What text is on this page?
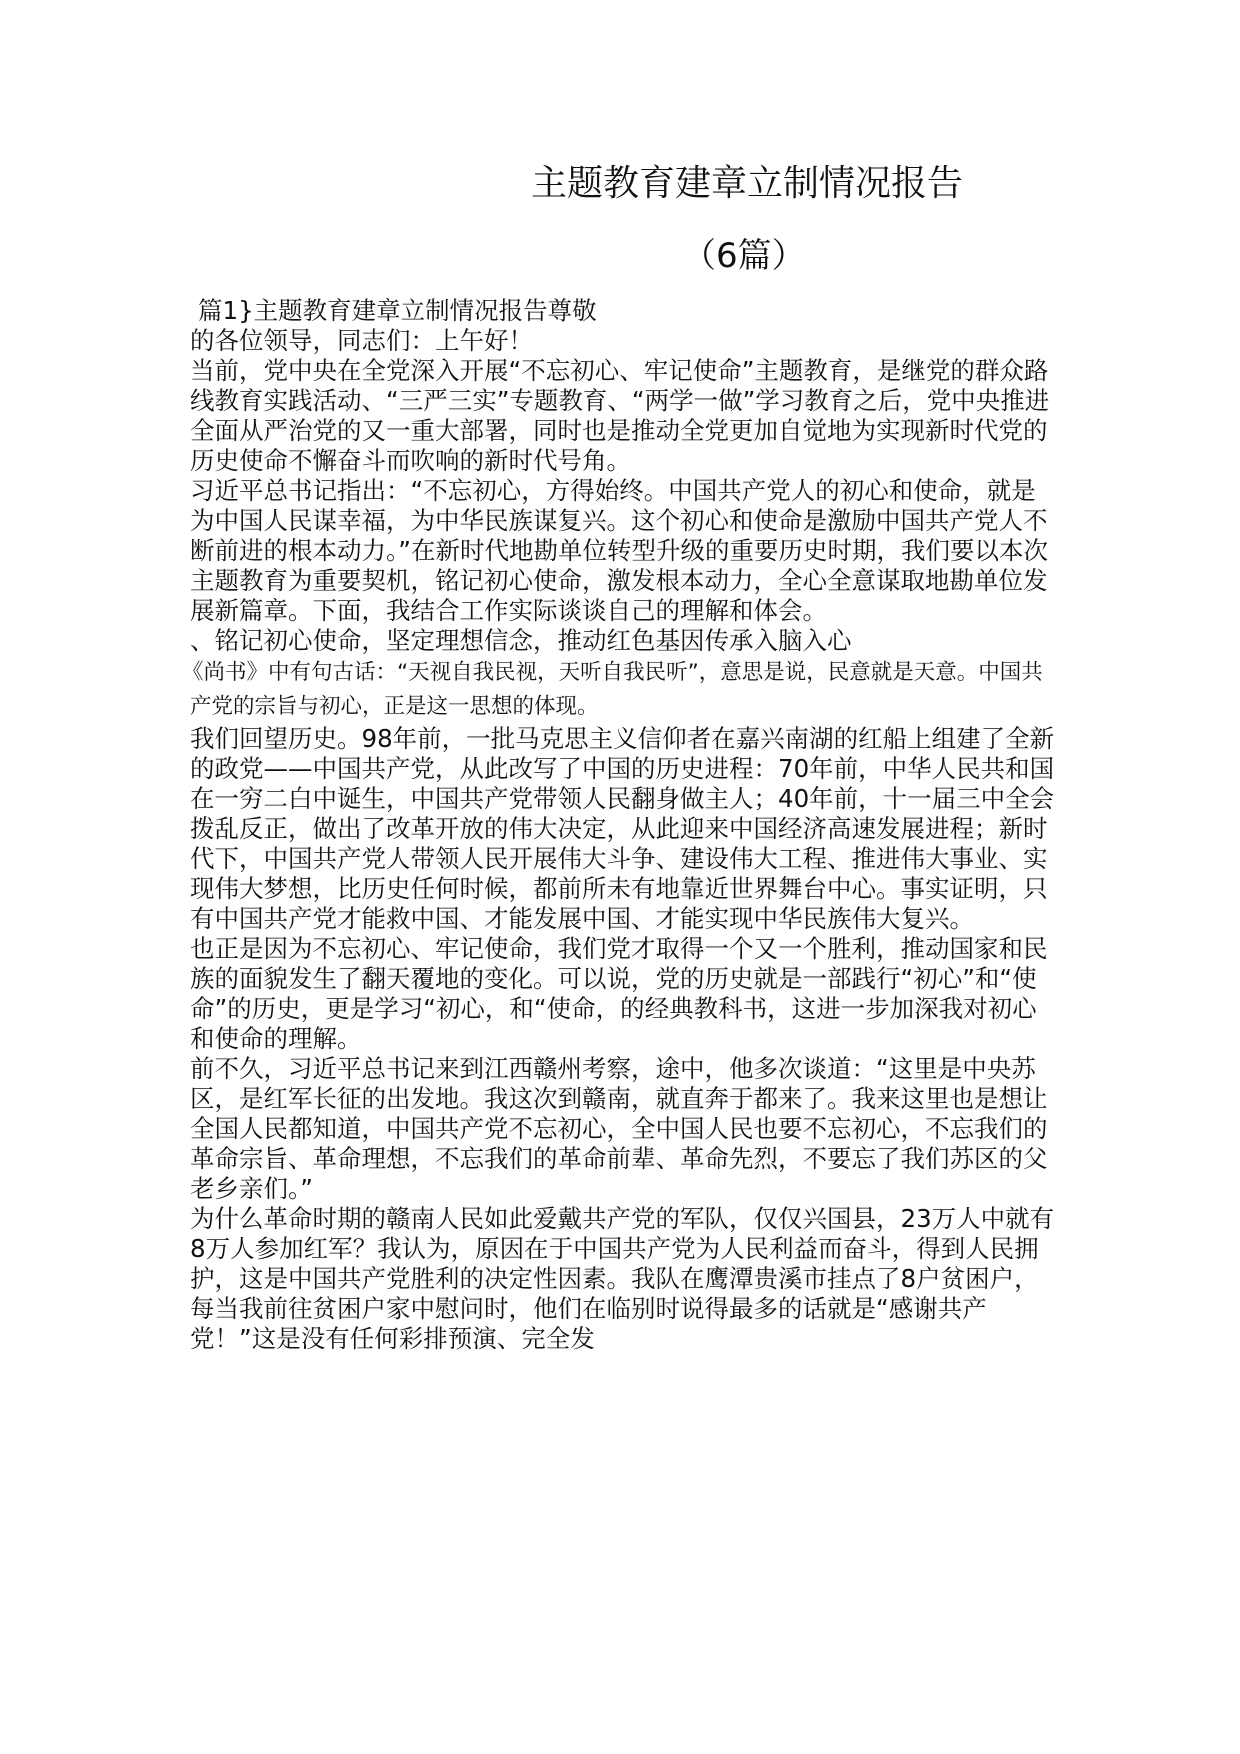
主题教育建章立制情况报告
（6篇）

篇1}主题教育建章立制情况报告尊敬

的各位领导，同志们：上午好！

当前，党中央在全党深入开展“不忘初心、牢记使命”主题教育，是继党的群众路线教育实践活动、“三严三实”专题教育、“两学一做”学习教育之后，党中央推进全面从严治党的又一重大部署，同时也是推动全党更加自觉地为实现新时代党的历史使命不懈奋斗而吹响的新时代号角。

习近平总书记指出：“不忘初心，方得始终。中国共产党人的初心和使命，就是为中国人民谋幸福，为中华民族谋复兴。这个初心和使命是激励中国共产党人不断前进的根本动力。”在新时代地勘单位转型升级的重要历史时期，我们要以本次主题教育为重要契机，铭记初心使命，激发根本动力，全心全意谋取地勘单位发展新篇章。下面，我结合工作实际谈谈自己的理解和体会。

、铭记初心使命，坚定理想信念，推动红色基因传承入脑入心

《尚书》中有句古话：“天视自我民视，天听自我民听”，意思是说，民意就是天意。中国共产党的宗旨与初心，正是这一思想的体现。

我们回望历史。98年前，一批马克思主义信仰者在嘉兴南湖的红船上组建了全新的政党——中国共产党，从此改写了中国的历史进程：70年前，中华人民共和国在一穷二白中诞生，中国共产党带领人民翻身做主人；40年前，十一届三中全会拨乱反正，做出了改革开放的伟大决定，从此迎来中国经济高速发展进程；新时代下，中国共产党人带领人民开展伟大斗争、建设伟大工程、推进伟大事业、实现伟大梦想，比历史任何时候，都前所未有地靠近世界舞台中心。事实证明，只有中国共产党才能救中国、才能发展中国、才能实现中华民族伟大复兴。

也正是因为不忘初心、牢记使命，我们党才取得一个又一个胜利，推动国家和民族的面貌发生了翻天覆地的变化。可以说，党的历史就是一部践行“初心”和“使命”的历史，更是学习“初心，和“使命，的经典教科书，这进一步加深我对初心和使命的理解。

前不久，习近平总书记来到江西赣州考察，途中，他多次谈道：“这里是中央苏区，是红军长征的出发地。我这次到赣南，就直奔于都来了。我来这里也是想让全国人民都知道，中国共产党不忘初心，全中国人民也要不忘初心，不忘我们的革命宗旨、革命理想，不忘我们的革命前辈、革命先烈，不要忘了我们苏区的父老乡亲们。”

为什么革命时期的赣南人民如此爱戴共产党的军队，仅仅兴国县，23万人中就有8万人参加红军？我认为，原因在于中国共产党为人民利益而奋斗，得到人民拥护，这是中国共产党胜利的决定性因素。我队在鹰潭贵溪市挂点了8户贫困户，每当我前往贫困户家中慰问时，他们在临别时说得最多的话就是“感谢共产党！”这是没有任何彩排预演、完全发
